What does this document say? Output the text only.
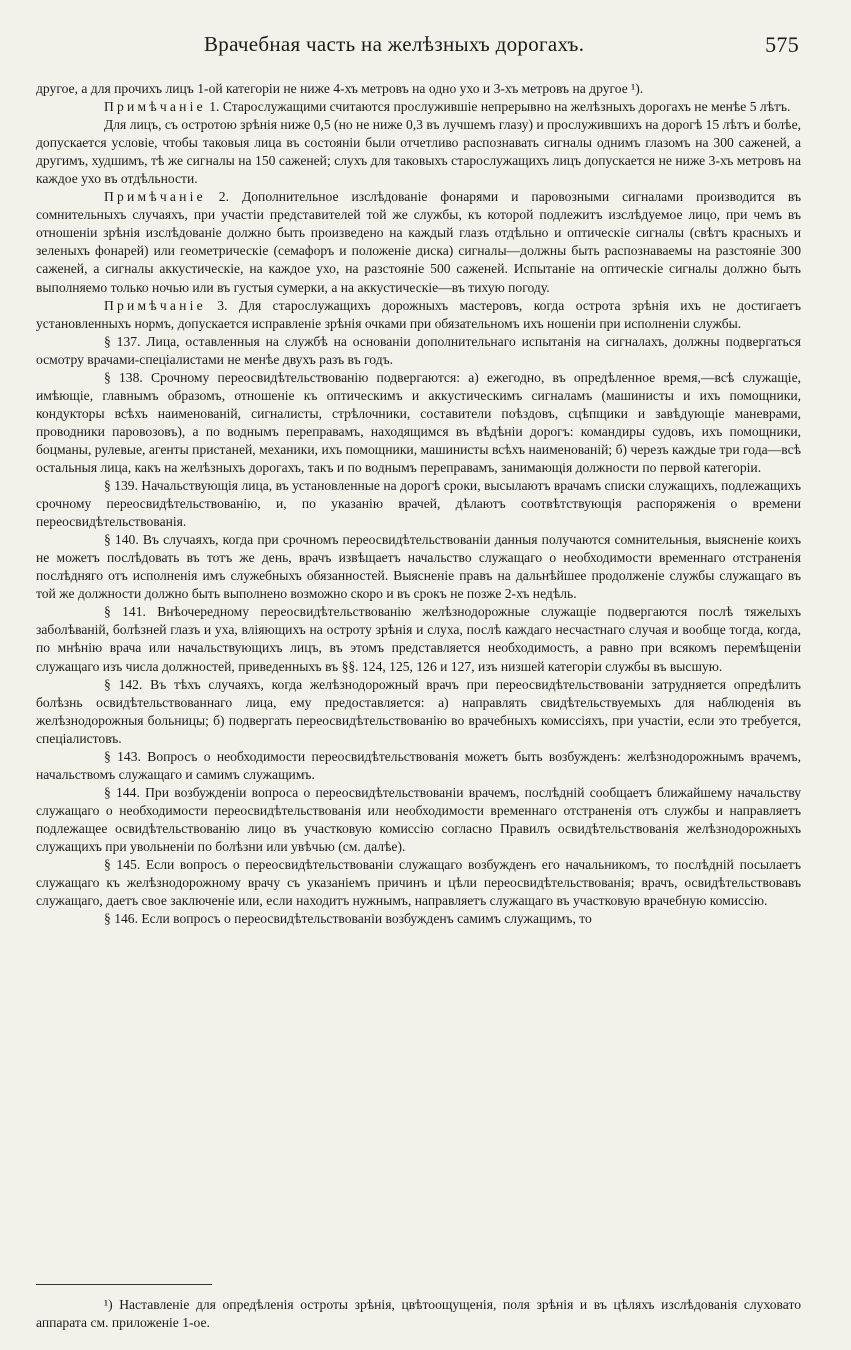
Врачебная часть на желѣзныхъ дорогахъ.	575

другое, а для прочихъ лицъ 1-ой категоріи не ниже 4-хъ метровъ на одно ухо и 3-хъ метровъ на другое ¹).

Примѣчаніе 1. Старослужащими считаются прослужившіе непрерывно на желѣзныхъ дорогахъ не менѣе 5 лѣтъ.

Для лицъ, съ остротою зрѣнія ниже 0,5 (но не ниже 0,3 въ лучшемъ глазу) и прослужившихъ на дорогѣ 15 лѣтъ и болѣе, допускается условіе, чтобы таковыя лица въ состояніи были отчетливо распознавать сигналы однимъ глазомъ на 300 саженей, а другимъ, худшимъ, тѣ же сигналы на 150 саженей; слухъ для таковыхъ старослужащихъ лицъ допускается не ниже 3-хъ метровъ на каждое ухо въ отдѣльности.

Примѣчаніе 2. Дополнительное изслѣдованіе фонарями и паровозными сигналами производится въ сомнительныхъ случаяхъ, при участіи представителей той же службы, къ которой подлежитъ изслѣдуемое лицо, при чемъ въ отношеніи зрѣнія изслѣдованіе должно быть произведено на каждый глазъ отдѣльно и оптическіе сигналы (свѣтъ красныхъ и зеленыхъ фонарей) или геометрическіе (семафоръ и положеніе диска) сигналы—должны быть распознаваемы на разстояніе 300 саженей, а сигналы аккустическіе, на каждое ухо, на разстояніе 500 саженей. Испытаніе на оптическіе сигналы должно быть выполняемо только ночью или въ густыя сумерки, а на аккустическіе—въ тихую погоду.

Примѣчаніе 3. Для старослужащихъ дорожныхъ мастеровъ, когда острота зрѣнія ихъ не достигаетъ установленныхъ нормъ, допускается исправленіе зрѣнія очками при обязательномъ ихъ ношеніи при исполненіи службы.

§ 137. Лица, оставленныя на службѣ на основаніи дополнительнаго испытанія на сигналахъ, должны подвергаться осмотру врачами-спеціалистами не менѣе двухъ разъ въ годъ.

§ 138. Срочному переосвидѣтельствованію подвергаются: а) ежегодно, въ опредѣленное время,—всѣ служащіе, имѣющіе, главнымъ образомъ, отношеніе къ оптическимъ и аккустическимъ сигналамъ (машинисты и ихъ помощники, кондукторы всѣхъ наименованій, сигналисты, стрѣлочники, составители поѣздовъ, сцѣпщики и завѣдующіе маневрами, проводники паровозовъ), а по воднымъ переправамъ, находящимся въ вѣдѣніи дорогъ: командиры судовъ, ихъ помощники, боцманы, рулевые, агенты пристаней, механики, ихъ помощники, машинисты всѣхъ наименованій; б) черезъ каждые три года—всѣ остальныя лица, какъ на желѣзныхъ дорогахъ, такъ и по воднымъ переправамъ, занимающія должности по первой категоріи.

§ 139. Начальствующія лица, въ установленные на дорогѣ сроки, высылаютъ врачамъ списки служащихъ, подлежащихъ срочному переосвидѣтельствованію, и, по указанію врачей, дѣлаютъ соотвѣтствующія распоряженія о времени переосвидѣтельствованія.

§ 140. Въ случаяхъ, когда при срочномъ переосвидѣтельствованіи данныя получаются сомнительныя, выясненіе коихъ не можетъ послѣдовать въ тотъ же день, врачъ извѣщаетъ начальство служащаго о необходимости временнаго отстраненія послѣдняго отъ исполненія имъ служебныхъ обязанностей. Выясненіе правъ на дальнѣйшее продолженіе службы служащаго въ той же должности должно быть выполнено возможно скоро и въ срокъ не позже 2-хъ недѣль.

§ 141. Внѣочередному переосвидѣтельствованію желѣзнодорожные служащіе подвергаются послѣ тяжелыхъ заболѣваній, болѣзней глазъ и уха, вліяющихъ на остроту зрѣнія и слуха, послѣ каждаго несчастнаго случая и вообще тогда, когда, по мнѣнію врача или начальствующихъ лицъ, въ этомъ представляется необходимость, а равно при всякомъ перемѣщеніи служащаго изъ числа должностей, приведенныхъ въ §§. 124, 125, 126 и 127, изъ низшей категоріи службы въ высшую.

§ 142. Въ тѣхъ случаяхъ, когда желѣзнодорожный врачъ при переосвидѣтельствованіи затрудняется опредѣлить болѣзнь освидѣтельствованнаго лица, ему предоставляется: а) направлять свидѣтельствуемыхъ для наблюденія въ желѣзнодорожныя больницы; б) подвергать переосвидѣтельствованію во врачебныхъ комиссіяхъ, при участіи, если это требуется, спеціалистовъ.

§ 143. Вопросъ о необходимости переосвидѣтельствованія можетъ быть возбужденъ: желѣзнодорожнымъ врачемъ, начальствомъ служащаго и самимъ служащимъ.

§ 144. При возбужденіи вопроса о переосвидѣтельствованіи врачемъ, послѣдній сообщаетъ ближайшему начальству служащаго о необходимости переосвидѣтельствованія или необходимости временнаго отстраненія отъ службы и направляетъ подлежащее освидѣтельствованію лицо въ участковую комиссію согласно Правилъ освидѣтельствованія желѣзнодорожныхъ служащихъ при увольненіи по болѣзни или увѣчью (см. далѣе).

§ 145. Если вопросъ о переосвидѣтельствованіи служащаго возбужденъ его начальникомъ, то послѣдній посылаетъ служащаго къ желѣзнодорожному врачу съ указаніемъ причинъ и цѣли переосвидѣтельствованія; врачъ, освидѣтельствовавъ служащаго, даетъ свое заключеніе или, если находитъ нужнымъ, направляетъ служащаго въ участковую врачебную комиссію.

§ 146. Если вопросъ о переосвидѣтельствованіи возбужденъ самимъ служащимъ, то

¹) Наставленіе для опредѣленія остроты зрѣнія, цвѣтоощущенія, поля зрѣнія и въ цѣляхъ изслѣдованія слуховато аппарата см. приложеніе 1-ое.
